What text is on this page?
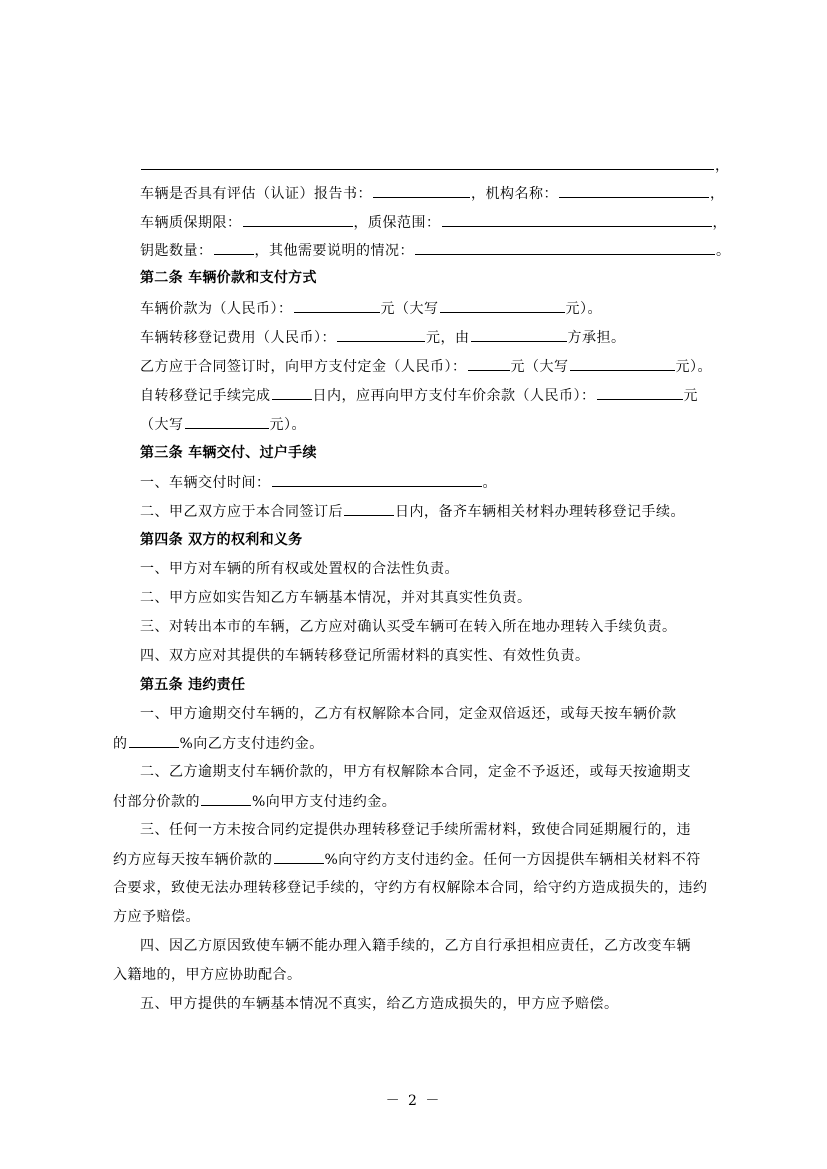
，
车辆是否具有评估（认证）报告书：	，机构名称：	，
车辆质保期限：	，质保范围：	，
钥匙数量：	，其他需要说明的情况：	。
第二条 车辆价款和支付方式
车辆价款为（人民币）：	元（大写	元）。
车辆转移登记费用（人民币）：	元，由	方承担。
乙方应于合同签订时，向甲方支付定金（人民币）：	元（大写	元）。
自转移登记手续完成	日内，应再向甲方支付车价余款（人民币）：	元
（大写	元）。
第三条 车辆交付、过户手续
一、车辆交付时间：	。
二、甲乙双方应于本合同签订后	日内，备齐车辆相关材料办理转移登记手续。
第四条 双方的权利和义务
一、甲方对车辆的所有权或处置权的合法性负责。
二、甲方应如实告知乙方车辆基本情况，并对其真实性负责。
三、对转出本市的车辆，乙方应对确认买受车辆可在转入所在地办理转入手续负责。
四、双方应对其提供的车辆转移登记所需材料的真实性、有效性负责。
第五条 违约责任
一、甲方逾期交付车辆的，乙方有权解除本合同，定金双倍返还，或每天按车辆价款
的	%向乙方支付违约金。
二、乙方逾期支付车辆价款的，甲方有权解除本合同，定金不予返还，或每天按逾期支
付部分价款的	%向甲方支付违约金。
三、任何一方未按合同约定提供办理转移登记手续所需材料，致使合同延期履行的，违
约方应每天按车辆价款的	%向守约方支付违约金。任何一方因提供车辆相关材料不符
合要求，致使无法办理转移登记手续的，守约方有权解除本合同，给守约方造成损失的，违约
方应予赔偿。
四、因乙方原因致使车辆不能办理入籍手续的，乙方自行承担相应责任，乙方改变车辆
入籍地的，甲方应协助配合。
五、甲方提供的车辆基本情况不真实，给乙方造成损失的，甲方应予赔偿。
－ 2 －
